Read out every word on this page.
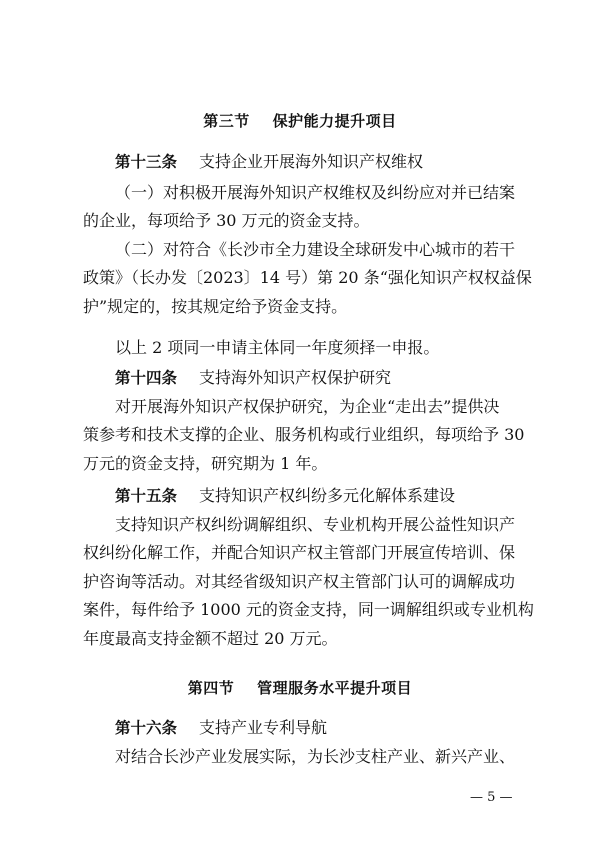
第三节    保护能力提升项目
第十三条 支持企业开展海外知识产权维权
（一）对积极开展海外知识产权维权及纠纷应对并已结案
的企业，每项给予 30 万元的资金支持。
（二）对符合《长沙市全力建设全球研发中心城市的若干
政策》（长办发〔2023〕14 号）第 20 条“强化知识产权权益保
护”规定的，按其规定给予资金支持。
以上 2 项同一申请主体同一年度须择一申报。
第十四条 支持海外知识产权保护研究
对开展海外知识产权保护研究，为企业“走出去”提供决
策参考和技术支撑的企业、服务机构或行业组织，每项给予 30
万元的资金支持，研究期为 1 年。
第十五条 支持知识产权纠纷多元化解体系建设
支持知识产权纠纷调解组织、专业机构开展公益性知识产
权纠纷化解工作，并配合知识产权主管部门开展宣传培训、保
护咨询等活动。对其经省级知识产权主管部门认可的调解成功
案件，每件给予 1000 元的资金支持，同一调解组织或专业机构
年度最高支持金额不超过 20 万元。
第四节    管理服务水平提升项目
第十六条 支持产业专利导航
对结合长沙产业发展实际，为长沙支柱产业、新兴产业、
— 5 —
